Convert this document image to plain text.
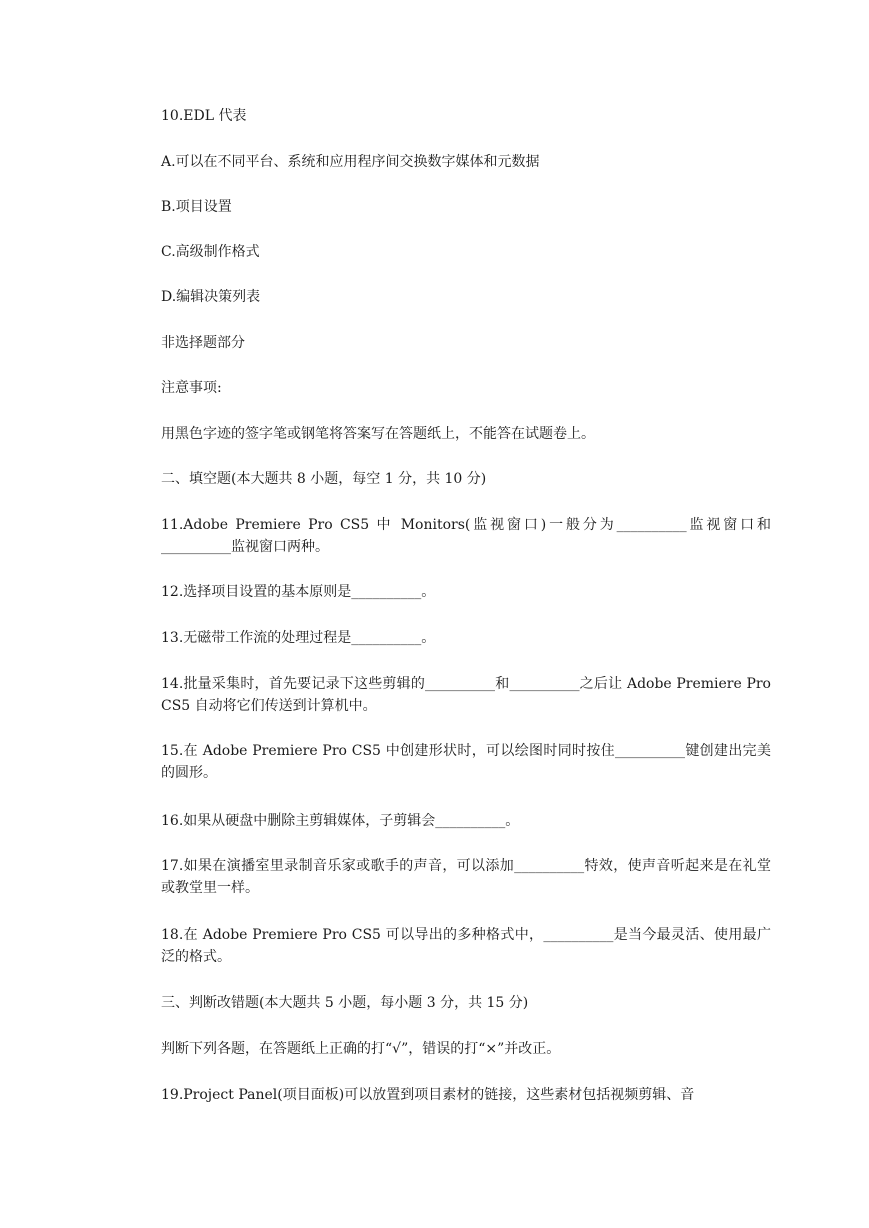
10.EDL 代表
A.可以在不同平台、系统和应用程序间交换数字媒体和元数据
B.项目设置
C.高级制作格式
D.编辑决策列表
非选择题部分
注意事项:
用黑色字迹的签字笔或钢笔将答案写在答题纸上，不能答在试题卷上。
二、填空题(本大题共 8 小题，每空 1 分，共 10 分)
11.Adobe Premiere Pro CS5 中 Monitors(监视窗口)一般分为__________监视窗口和__________监视窗口两种。
12.选择项目设置的基本原则是__________。
13.无磁带工作流的处理过程是__________。
14.批量采集时，首先要记录下这些剪辑的__________和__________之后让 Adobe Premiere Pro CS5 自动将它们传送到计算机中。
15.在 Adobe Premiere Pro CS5 中创建形状时，可以绘图时同时按住__________键创建出完美的圆形。
16.如果从硬盘中删除主剪辑媒体，子剪辑会__________。
17.如果在演播室里录制音乐家或歌手的声音，可以添加__________特效，使声音听起来是在礼堂或教堂里一样。
18.在 Adobe Premiere Pro CS5 可以导出的多种格式中，__________是当今最灵活、使用最广泛的格式。
三、判断改错题(本大题共 5 小题，每小题 3 分，共 15 分)
判断下列各题，在答题纸上正确的打“√”，错误的打“×”并改正。
19.Project Panel(项目面板)可以放置到项目素材的链接，这些素材包括视频剪辑、音
